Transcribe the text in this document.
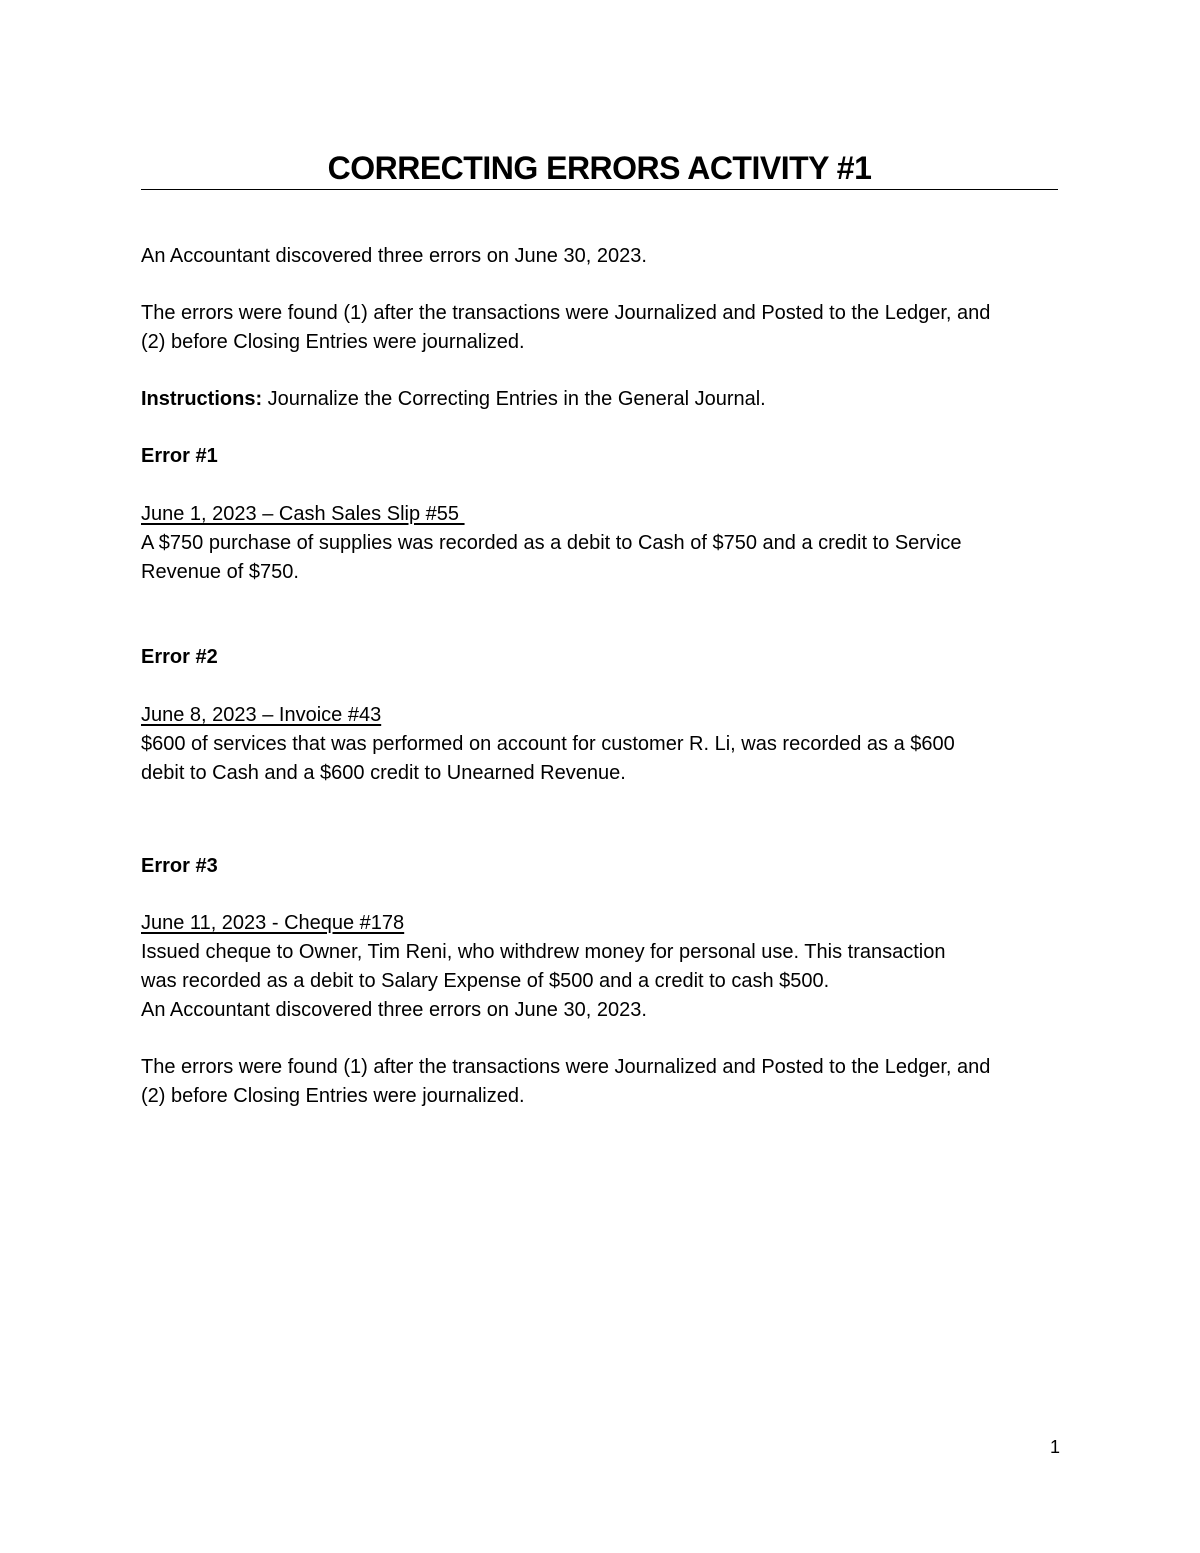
CORRECTING ERRORS ACTIVITY #1
An Accountant discovered three errors on June 30, 2023.
The errors were found (1) after the transactions were Journalized and Posted to the Ledger, and
(2) before Closing Entries were journalized.
Instructions: Journalize the Correcting Entries in the General Journal.
Error #1
June 1, 2023 – Cash Sales Slip #55
A $750 purchase of supplies was recorded as a debit to Cash of $750 and a credit to Service
Revenue of $750.
Error #2
June 8, 2023 – Invoice #43
$600 of services that was performed on account for customer R. Li, was recorded as a $600
debit to Cash and a $600 credit to Unearned Revenue.
Error #3
June 11, 2023 - Cheque #178
Issued cheque to Owner, Tim Reni, who withdrew money for personal use. This transaction
was recorded as a debit to Salary Expense of $500 and a credit to cash $500.
An Accountant discovered three errors on June 30, 2023.
The errors were found (1) after the transactions were Journalized and Posted to the Ledger, and
(2) before Closing Entries were journalized.
1
